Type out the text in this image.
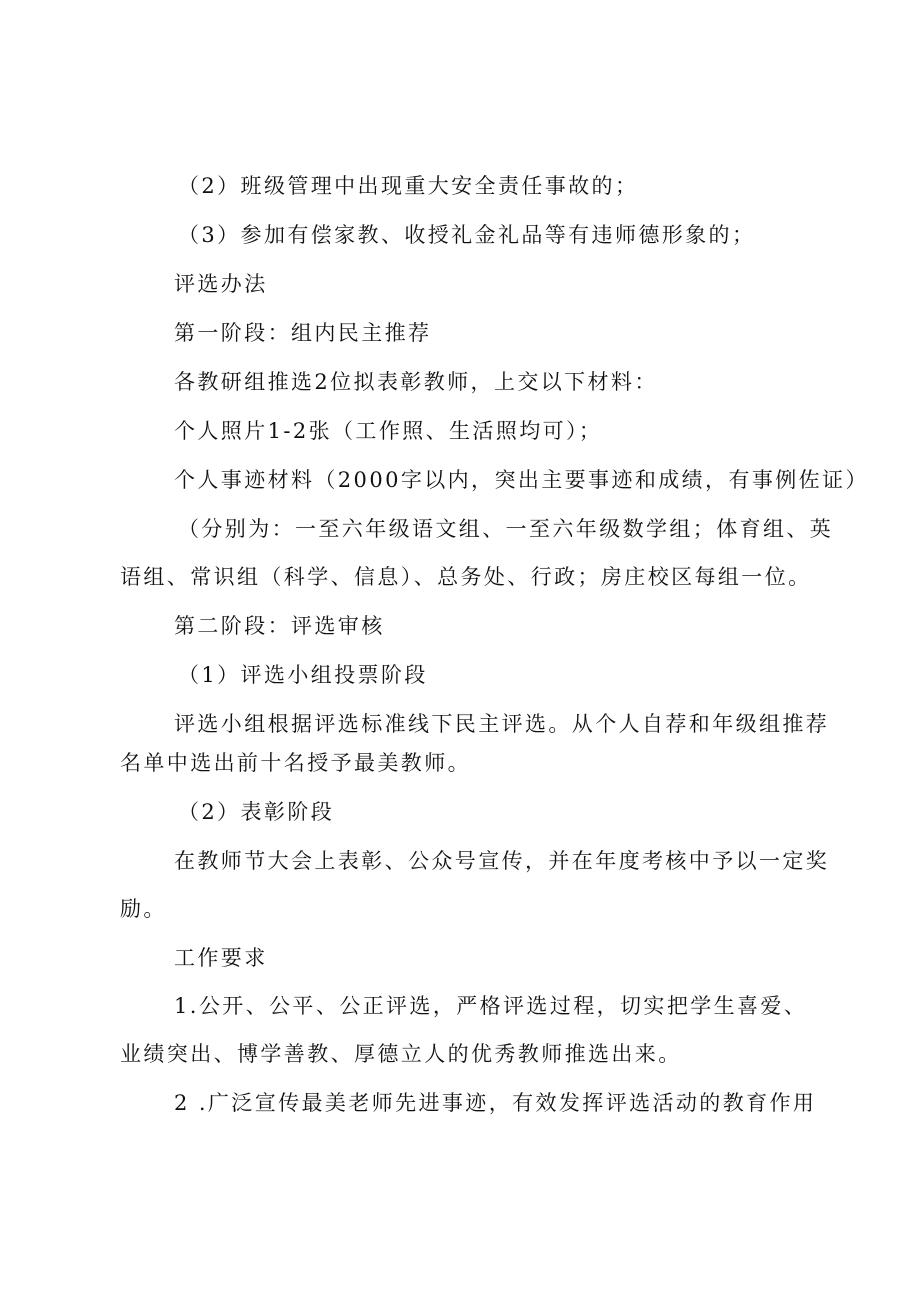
（2）班级管理中出现重大安全责任事故的；
（3）参加有偿家教、收授礼金礼品等有违师德形象的；
评选办法
第一阶段：组内民主推荐
各教研组推选2位拟表彰教师，上交以下材料：
个人照片1-2张（工作照、生活照均可）；
个人事迹材料（2000字以内，突出主要事迹和成绩，有事例佐证）
（分别为：一至六年级语文组、一至六年级数学组；体育组、英
语组、常识组（科学、信息）、总务处、行政；房庄校区每组一位。
第二阶段：评选审核
（1）评选小组投票阶段
评选小组根据评选标准线下民主评选。从个人自荐和年级组推荐
名单中选出前十名授予最美教师。
（2）表彰阶段
在教师节大会上表彰、公众号宣传，并在年度考核中予以一定奖
励。
工作要求
1.公开、公平、公正评选，严格评选过程，切实把学生喜爱、
业绩突出、博学善教、厚德立人的优秀教师推选出来。
2 .广泛宣传最美老师先进事迹，有效发挥评选活动的教育作用
